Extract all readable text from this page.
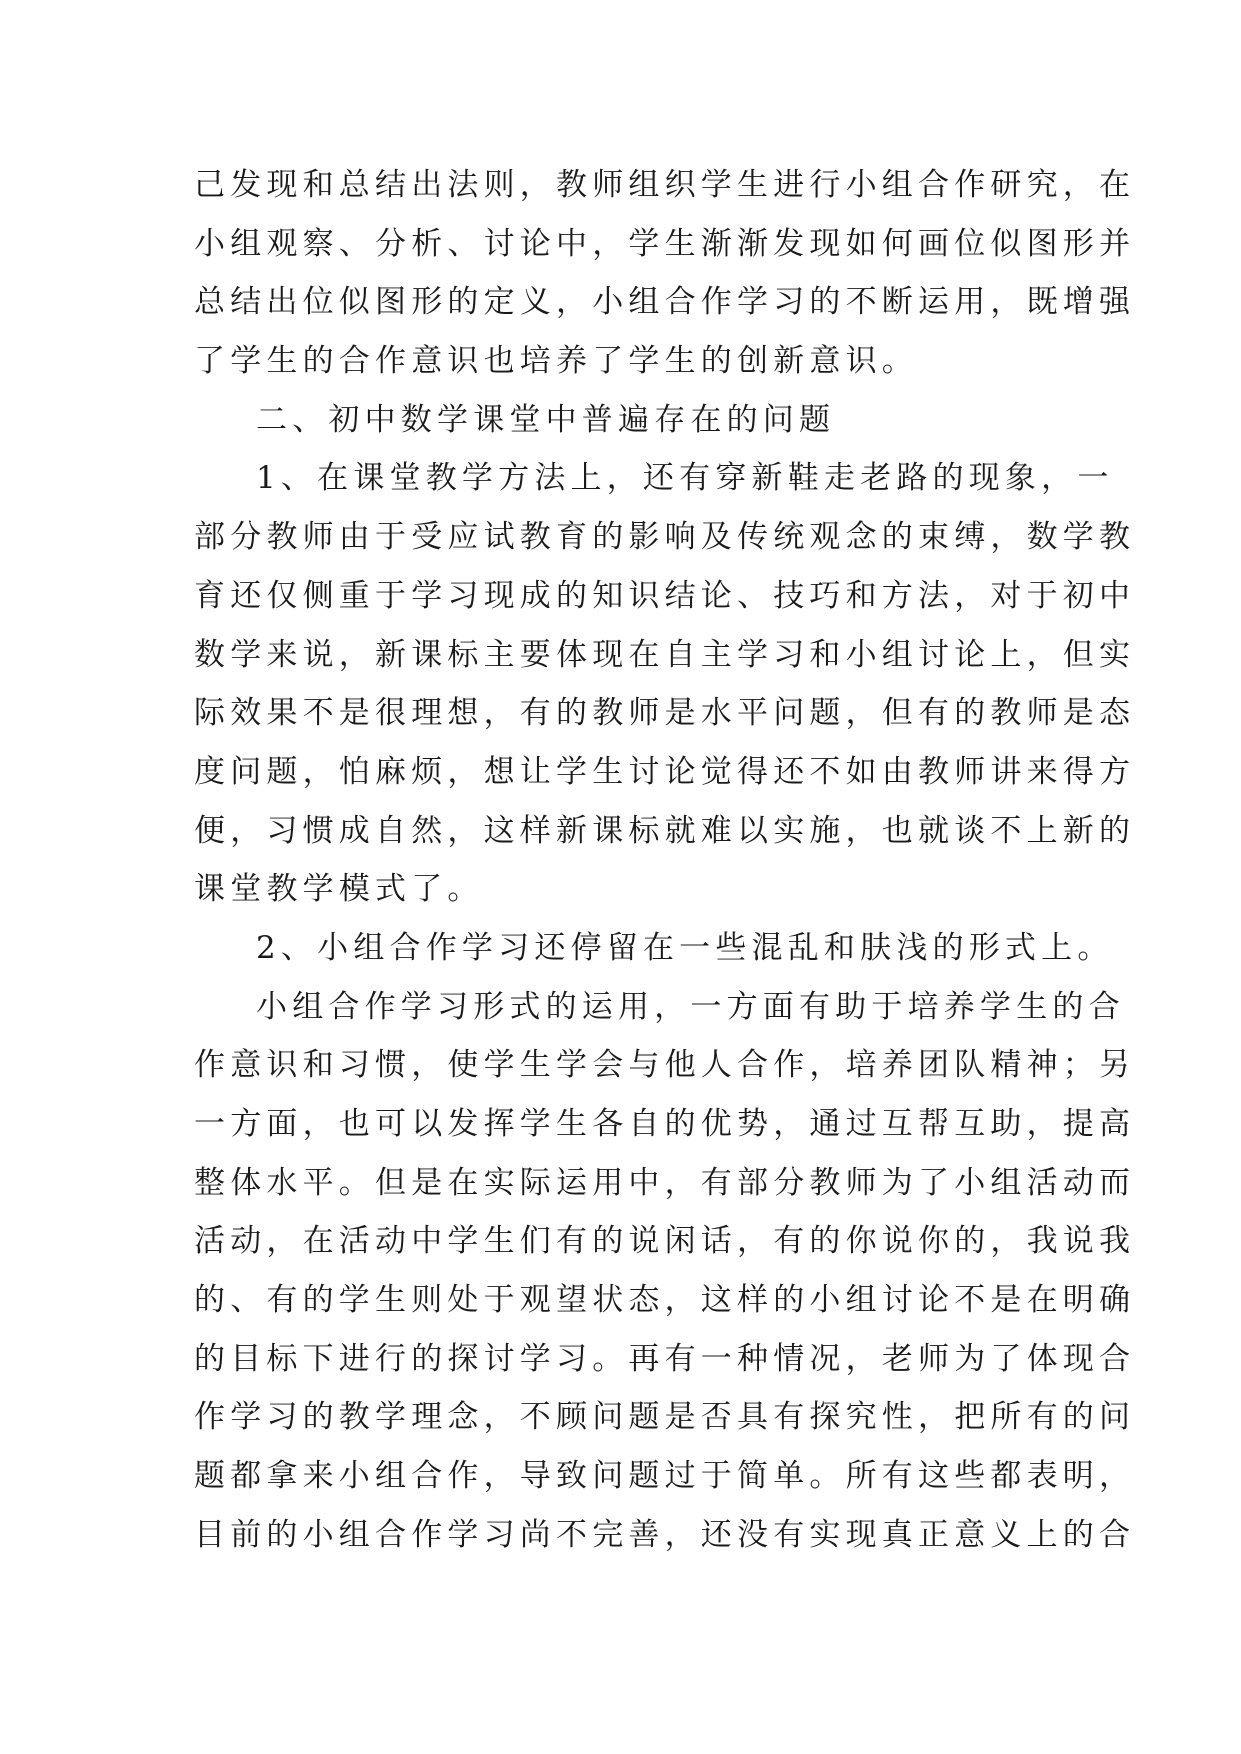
己发现和总结出法则，教师组织学生进行小组合作研究，在
小组观察、分析、讨论中，学生渐渐发现如何画位似图形并
总结出位似图形的定义，小组合作学习的不断运用，既增强
了学生的合作意识也培养了学生的创新意识。
二、初中数学课堂中普遍存在的问题
1、在课堂教学方法上，还有穿新鞋走老路的现象，一
部分教师由于受应试教育的影响及传统观念的束缚，数学教
育还仅侧重于学习现成的知识结论、技巧和方法，对于初中
数学来说，新课标主要体现在自主学习和小组讨论上，但实
际效果不是很理想，有的教师是水平问题，但有的教师是态
度问题，怕麻烦，想让学生讨论觉得还不如由教师讲来得方
便，习惯成自然，这样新课标就难以实施，也就谈不上新的
课堂教学模式了。
2、小组合作学习还停留在一些混乱和肤浅的形式上。
小组合作学习形式的运用，一方面有助于培养学生的合
作意识和习惯，使学生学会与他人合作，培养团队精神；另
一方面，也可以发挥学生各自的优势，通过互帮互助，提高
整体水平。但是在实际运用中，有部分教师为了小组活动而
活动，在活动中学生们有的说闲话，有的你说你的，我说我
的、有的学生则处于观望状态，这样的小组讨论不是在明确
的目标下进行的探讨学习。再有一种情况，老师为了体现合
作学习的教学理念，不顾问题是否具有探究性，把所有的问
题都拿来小组合作，导致问题过于简单。所有这些都表明，
目前的小组合作学习尚不完善，还没有实现真正意义上的合
